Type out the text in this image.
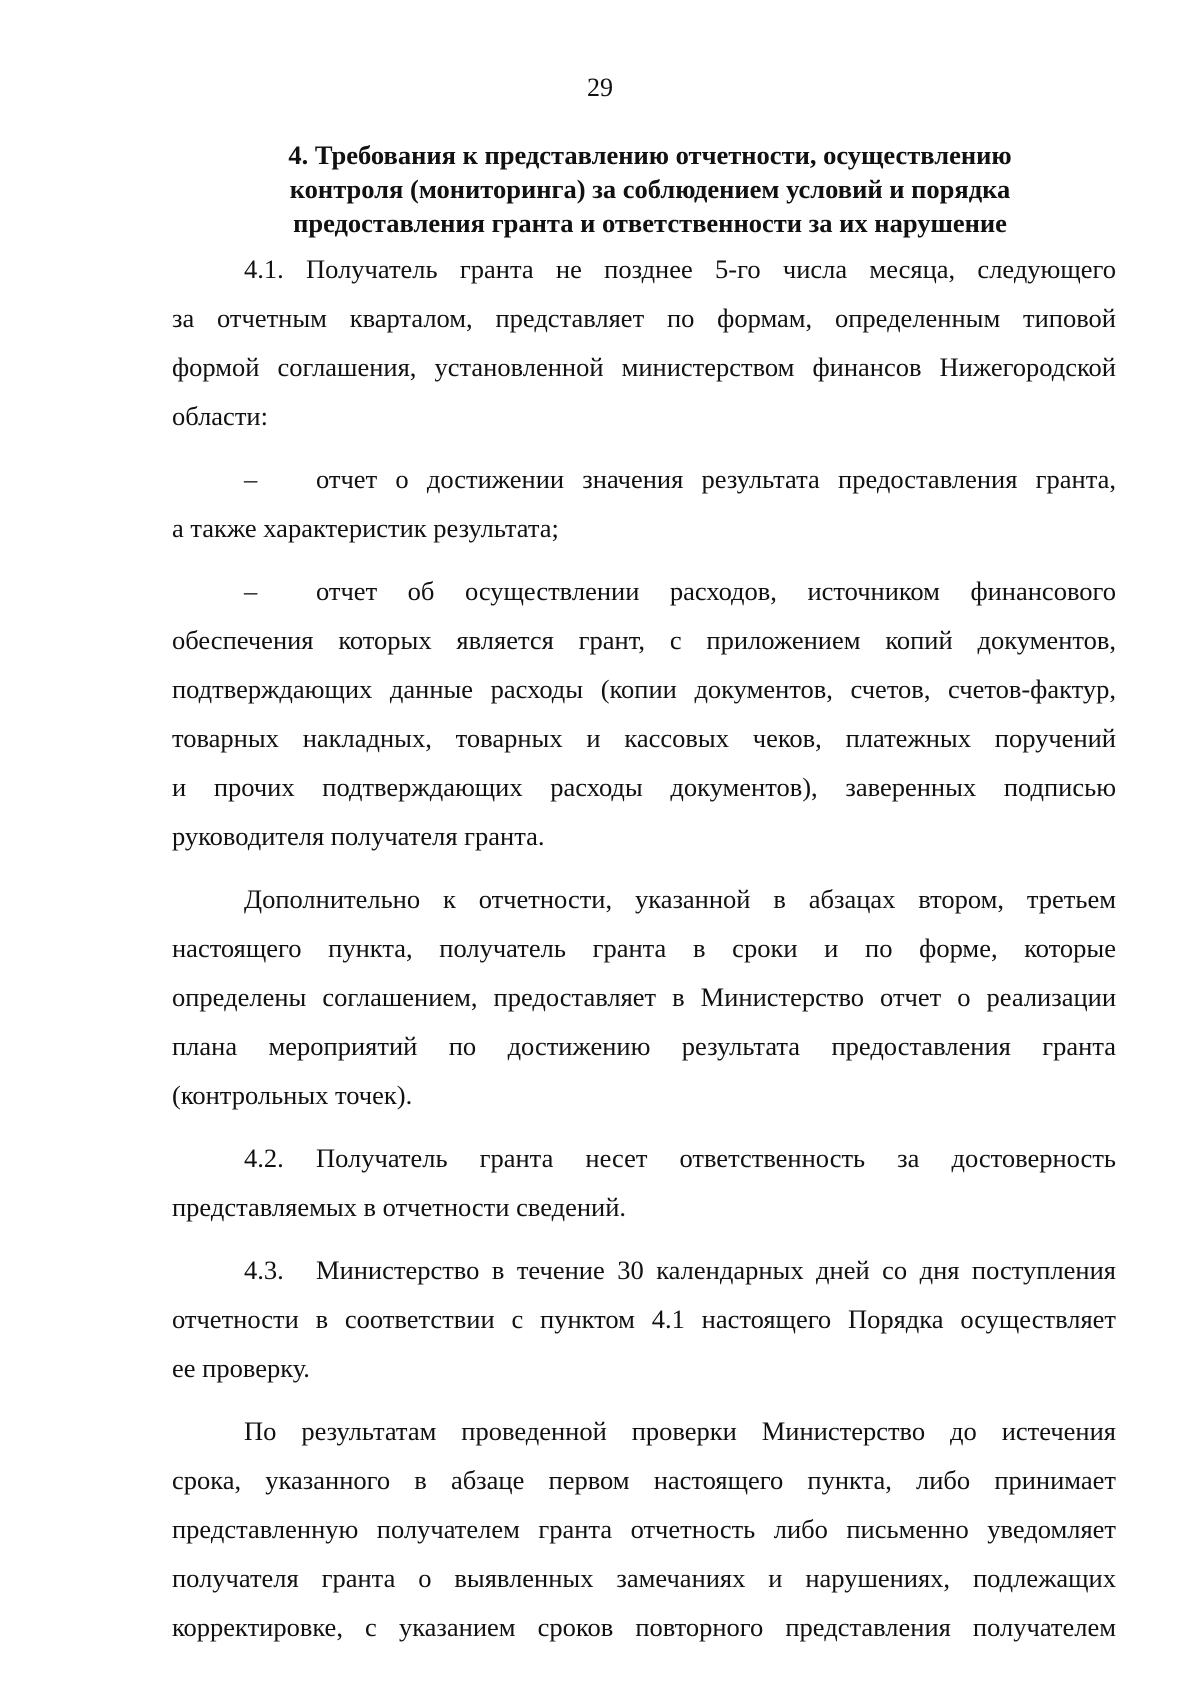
29
4. Требования к представлению отчетности, осуществлению
контроля (мониторинга) за соблюдением условий и порядка
предоставления гранта и ответственности за их нарушение
4.1. Получатель гранта не позднее 5-го числа месяца, следующего
за отчетным кварталом, представляет по формам, определенным типовой
формой соглашения, установленной министерством финансов Нижегородской
области:
–	отчет о достижении значения результата предоставления гранта,
а также характеристик результата;
–	отчет об осуществлении расходов, источником финансового
обеспечения которых является грант, с приложением копий документов,
подтверждающих данные расходы (копии документов, счетов, счетов-фактур,
товарных накладных, товарных и кассовых чеков, платежных поручений
и прочих подтверждающих расходы документов), заверенных подписью
руководителя получателя гранта.
Дополнительно к отчетности, указанной в абзацах втором, третьем
настоящего пункта, получатель гранта в сроки и по форме, которые
определены соглашением, предоставляет в Министерство отчет о реализации
плана мероприятий по достижению результата предоставления гранта
(контрольных точек).
4.2.	Получатель гранта несет ответственность за достоверность
представляемых в отчетности сведений.
4.3.	Министерство в течение 30 календарных дней со дня поступления
отчетности в соответствии с пунктом 4.1 настоящего Порядка осуществляет
ее проверку.
По результатам проведенной проверки Министерство до истечения
срока, указанного в абзаце первом настоящего пункта, либо принимает
представленную получателем гранта отчетность либо письменно уведомляет
получателя гранта о выявленных замечаниях и нарушениях, подлежащих
корректировке, с указанием сроков повторного представления получателем
